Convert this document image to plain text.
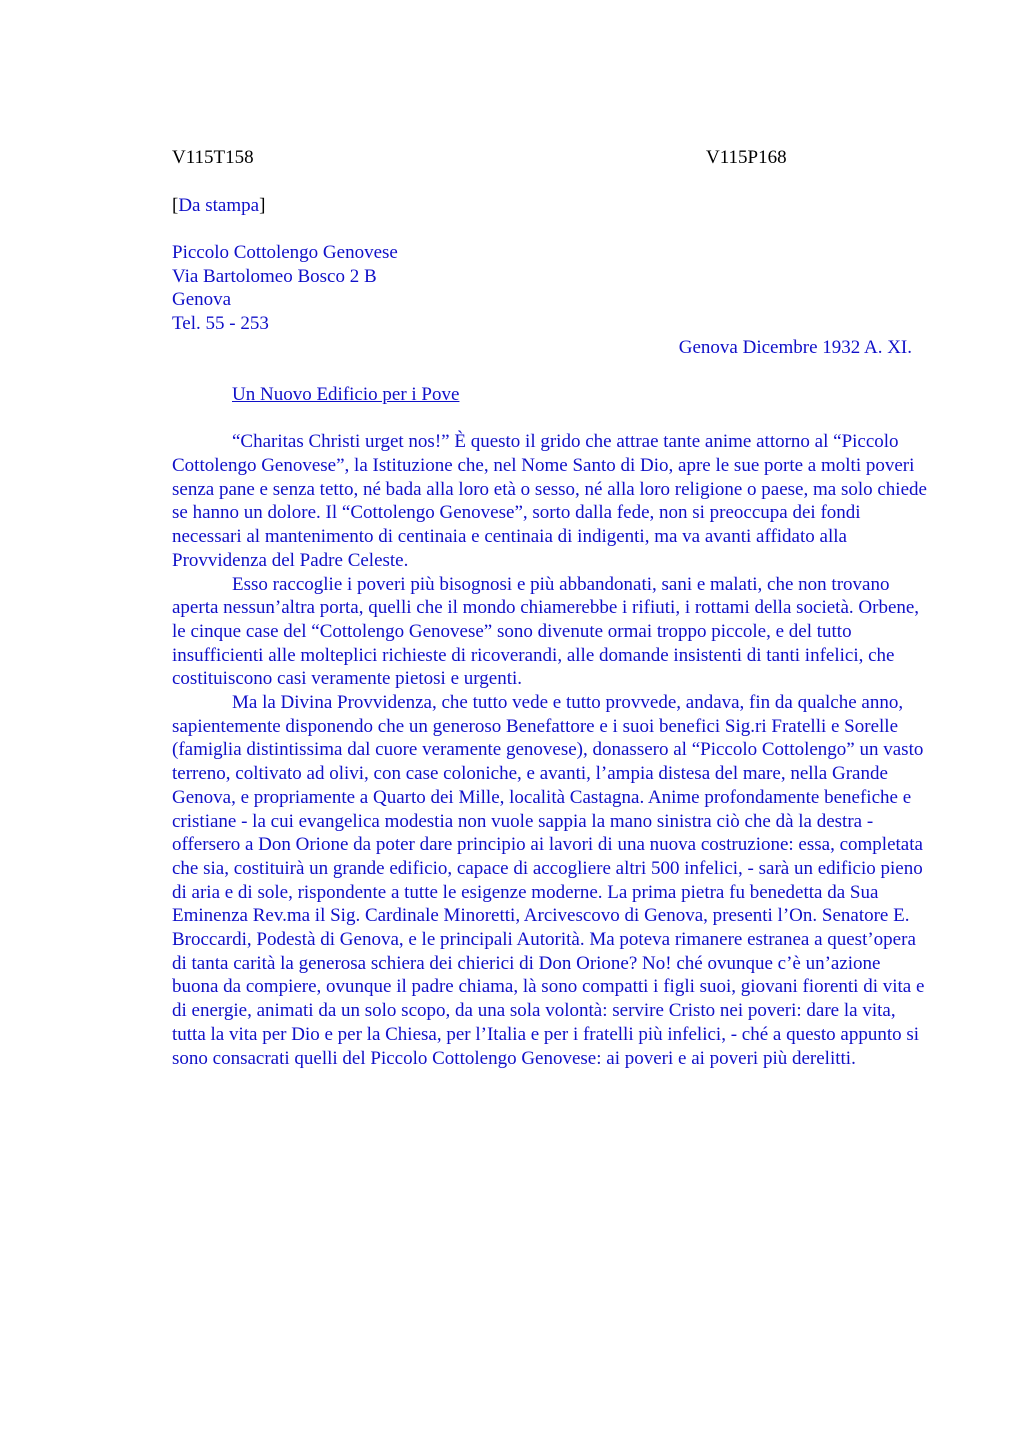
V115T158	V115P168
[Da stampa]
Piccolo Cottolengo Genovese
Via Bartolomeo Bosco 2 B
Genova
Tel. 55 - 253
Genova Dicembre 1932 A. XI.
Un Nuovo Edificio per i Pove

“Charitas Christi urget nos!” È questo il grido che attrae tante anime attorno al “Piccolo Cottolengo Genovese”, la Istituzione che, nel Nome Santo di Dio, apre le sue porte a molti poveri senza pane e senza tetto, né bada alla loro età o sesso, né alla loro religione o paese, ma solo chiede se hanno un dolore. Il “Cottolengo Genovese”, sorto dalla fede, non si preoccupa dei fondi necessari al mantenimento di centinaia e centinaia di indigenti, ma va avanti affidato alla Provvidenza del Padre Celeste.

Esso raccoglie i poveri più bisognosi e più abbandonati, sani e malati, che non trovano aperta nessun’altra porta, quelli che il mondo chiamerebbe i rifiuti, i rottami della società. Orbene, le cinque case del “Cottolengo Genovese” sono divenute ormai troppo piccole, e del tutto insufficienti alle molteplici richieste di ricoverandi, alle domande insistenti di tanti infelici, che costituiscono casi veramente pietosi e urgenti.

Ma la Divina Provvidenza, che tutto vede e tutto provvede, andava, fin da qualche anno, sapientemente disponendo che un generoso Benefattore e i suoi benefici Sig.ri Fratelli e Sorelle (famiglia distintissima dal cuore veramente genovese), donassero al “Piccolo Cottolengo” un vasto terreno, coltivato ad olivi, con case coloniche, e avanti, l’ampia distesa del mare, nella Grande Genova, e propriamente a Quarto dei Mille, località Castagna. Anime profondamente benefiche e cristiane - la cui evangelica modestia non vuole sappia la mano sinistra ciò che dà la destra - offersero a Don Orione da poter dare principio ai lavori di una nuova costruzione: essa, completata che sia, costituirà un grande edificio, capace di accogliere altri 500 infelici, - sarà un edificio pieno di aria e di sole, rispondente a tutte le esigenze moderne. La prima pietra fu benedetta da Sua Eminenza Rev.ma il Sig. Cardinale Minoretti, Arcivescovo di Genova, presenti l’On. Senatore E. Broccardi, Podestà di Genova, e le principali Autorità. Ma poteva rimanere estranea a quest’opera di tanta carità la generosa schiera dei chierici di Don Orione? No! ché ovunque c’è un’azione buona da compiere, ovunque il padre chiama, là sono compatti i figli suoi, giovani fiorenti di vita e di energie, animati da un solo scopo, da una sola volontà: servire Cristo nei poveri: dare la vita, tutta la vita per Dio e per la Chiesa, per l’Italia e per i fratelli più infelici, - ché a questo appunto si sono consacrati quelli del Piccolo Cottolengo Genovese: ai poveri e ai poveri più derelitti.
